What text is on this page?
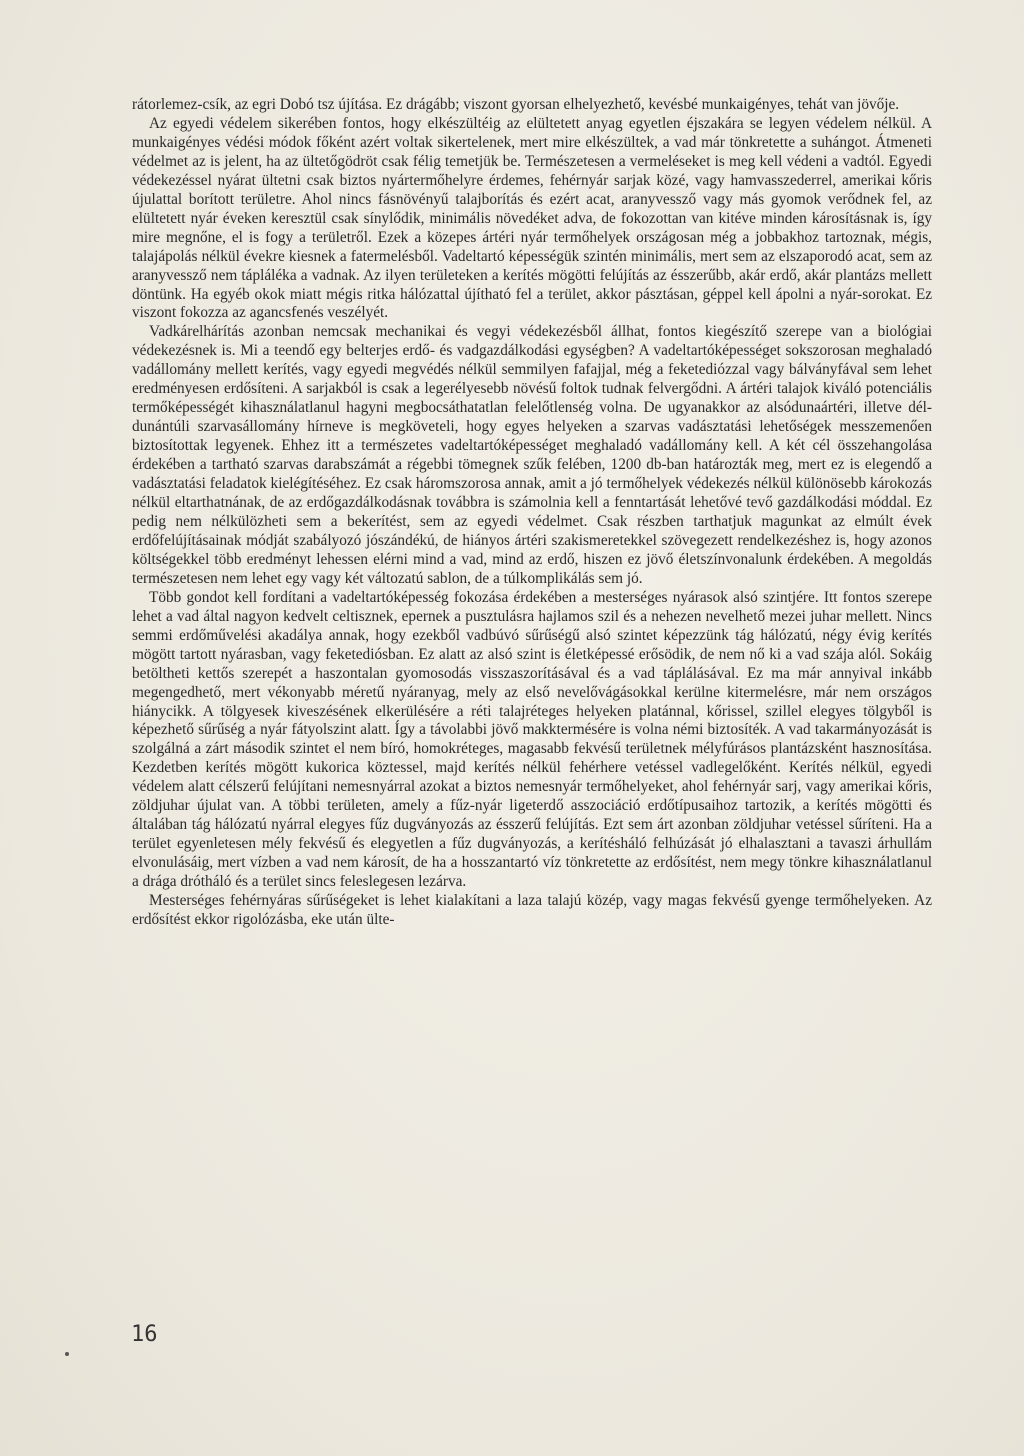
rátorlemez-csík, az egri Dobó tsz újítása. Ez drágább; viszont gyorsan elhelyezhető, kevésbé munkaigényes, tehát van jövője.

Az egyedi védelem sikerében fontos, hogy elkészültéig az elültetett anyag egyetlen éjszakára se legyen védelem nélkül. A munkaigényes védési módok főként azért voltak sikertelenek, mert mire elkészültek, a vad már tönkretette a suhángot. Átmeneti védelmet az is jelent, ha az ültetőgödröt csak félig temetjük be. Természetesen a vermeléseket is meg kell védeni a vadtól. Egyedi védekezéssel nyárat ültetni csak biztos nyártermőhelyre érdemes, fehérnyár sarjak közé, vagy hamvasszederrel, amerikai kőris újulattal borított területre. Ahol nincs fásnövényű talajborítás és ezért acat, aranyvessző vagy más gyomok verődnek fel, az elültetett nyár éveken keresztül csak sínylődik, minimális növedéket adva, de fokozottan van kitéve minden károsításnak is, így mire megnőne, el is fogy a területről. Ezek a közepes ártéri nyár termőhelyek országosan még a jobbakhoz tartoznak, mégis, talajápolás nélkül évekre kiesnek a fatermelésből. Vadeltartó képességük szintén minimális, mert sem az elszaporodó acat, sem az aranyvessző nem tápláléka a vadnak. Az ilyen területeken a kerítés mögötti felújítás az ésszerűbb, akár erdő, akár plantázs mellett döntünk. Ha egyéb okok miatt mégis ritka hálózattal újítható fel a terület, akkor pásztásan, géppel kell ápolni a nyár-sorokat. Ez viszont fokozza az agancsfenés veszélyét.

Vadkárelhárítás azonban nemcsak mechanikai és vegyi védekezésből állhat, fontos kiegészítő szerepe van a biológiai védekezésnek is. Mi a teendő egy belterjes erdő- és vadgazdálkodási egységben? A vadeltartóképességet sokszorosan meghaladó vadállomány mellett kerítés, vagy egyedi megvédés nélkül semmilyen fafajjal, még a feketediózzal vagy bálványfával sem lehet eredményesen erdősíteni. A sarjakból is csak a legerélyesebb növésű foltok tudnak felvergődni. A ártéri talajok kiváló potenciális termőképességét kihasználatlanul hagyni megbocsáthatatlan felelőtlenség volna. De ugyanakkor az alsódunaártéri, illetve dél-dunántúli szarvasállomány hírneve is megköveteli, hogy egyes helyeken a szarvas vadásztatási lehetőségek messzemenően biztosítottak legyenek. Ehhez itt a természetes vadeltartóképességet meghaladó vadállomány kell. A két cél összehangolása érdekében a tartható szarvas darabszámát a régebbi tömegnek szűk felében, 1200 db-ban határozták meg, mert ez is elegendő a vadásztatási feladatok kielégítéséhez. Ez csak háromszorosa annak, amit a jó termőhelyek védekezés nélkül különösebb károkozás nélkül eltarthatnának, de az erdőgazdálkodásnak továbbra is számolnia kell a fenntartását lehetővé tevő gazdálkodási móddal. Ez pedig nem nélkülözheti sem a bekerítést, sem az egyedi védelmet. Csak részben tarthatjuk magunkat az elmúlt évek erdőfelújításainak módját szabályozó jószándékú, de hiányos ártéri szakismeretekkel szövegezett rendelkezéshez is, hogy azonos költségekkel több eredményt lehessen elérni mind a vad, mind az erdő, hiszen ez jövő életszínvonalunk érdekében. A megoldás természetesen nem lehet egy vagy két változatú sablon, de a túlkomplikálás sem jó.

Több gondot kell fordítani a vadeltartóképesség fokozása érdekében a mesterséges nyárasok alsó szintjére. Itt fontos szerepe lehet a vad által nagyon kedvelt celtisznek, epernek a pusztulásra hajlamos szil és a nehezen nevelhető mezei juhar mellett. Nincs semmi erdőművelési akadálya annak, hogy ezekből vadbúvó sűrűségű alsó szintet képezzünk tág hálózatú, négy évig kerítés mögött tartott nyárasban, vagy feketediósban. Ez alatt az alsó szint is életképessé erősödik, de nem nő ki a vad szája alól. Sokáig betöltheti kettős szerepét a haszontalan gyomosodás visszaszorításával és a vad táplálásával. Ez ma már annyival inkább megengedhető, mert vékonyabb méretű nyáranyag, mely az első nevelővágásokkal kerülne kitermelésre, már nem országos hiánycikk. A tölgyesek kiveszésének elkerülésére a réti talajréteges helyeken platánnal, kőrissel, szillel elegyes tölgyből is képezhető sűrűség a nyár fátyolszint alatt. Így a távolabbi jövő makktermésére is volna némi biztosíték. A vad takarmányozását is szolgálná a zárt második szintet el nem bíró, homokréteges, magasabb fekvésű területnek mélyfúrásos plantázsként hasznosítása. Kezdetben kerítés mögött kukorica köztessel, majd kerítés nélkül fehérhere vetéssel vadlegelőként. Kerítés nélkül, egyedi védelem alatt célszerű felújítani nemesnyárral azokat a biztos nemesnyár termőhelyeket, ahol fehérnyár sarj, vagy amerikai kőris, zöldjuhar újulat van. A többi területen, amely a fűz-nyár ligeterdő asszociáció erdőtípusaihoz tartozik, a kerítés mögötti és általában tág hálózatú nyárral elegyes fűz dugványozás az ésszerű felújítás. Ezt sem árt azonban zöldjuhar vetéssel sűríteni. Ha a terület egyenletesen mély fekvésű és elegyetlen a fűz dugványozás, a kerítésháló felhúzását jó elhalasztani a tavaszi árhullám elvonulásáig, mert vízben a vad nem károsít, de ha a hosszantartó víz tönkretette az erdősítést, nem megy tönkre kihasználatlanul a drága drótháló és a terület sincs feleslegesen lezárva.

Mesterséges fehérnyáras sűrűségeket is lehet kialakítani a laza talajú közép, vagy magas fekvésű gyenge termőhelyeken. Az erdősítést ekkor rigolózásba, eke után ülte-

16
